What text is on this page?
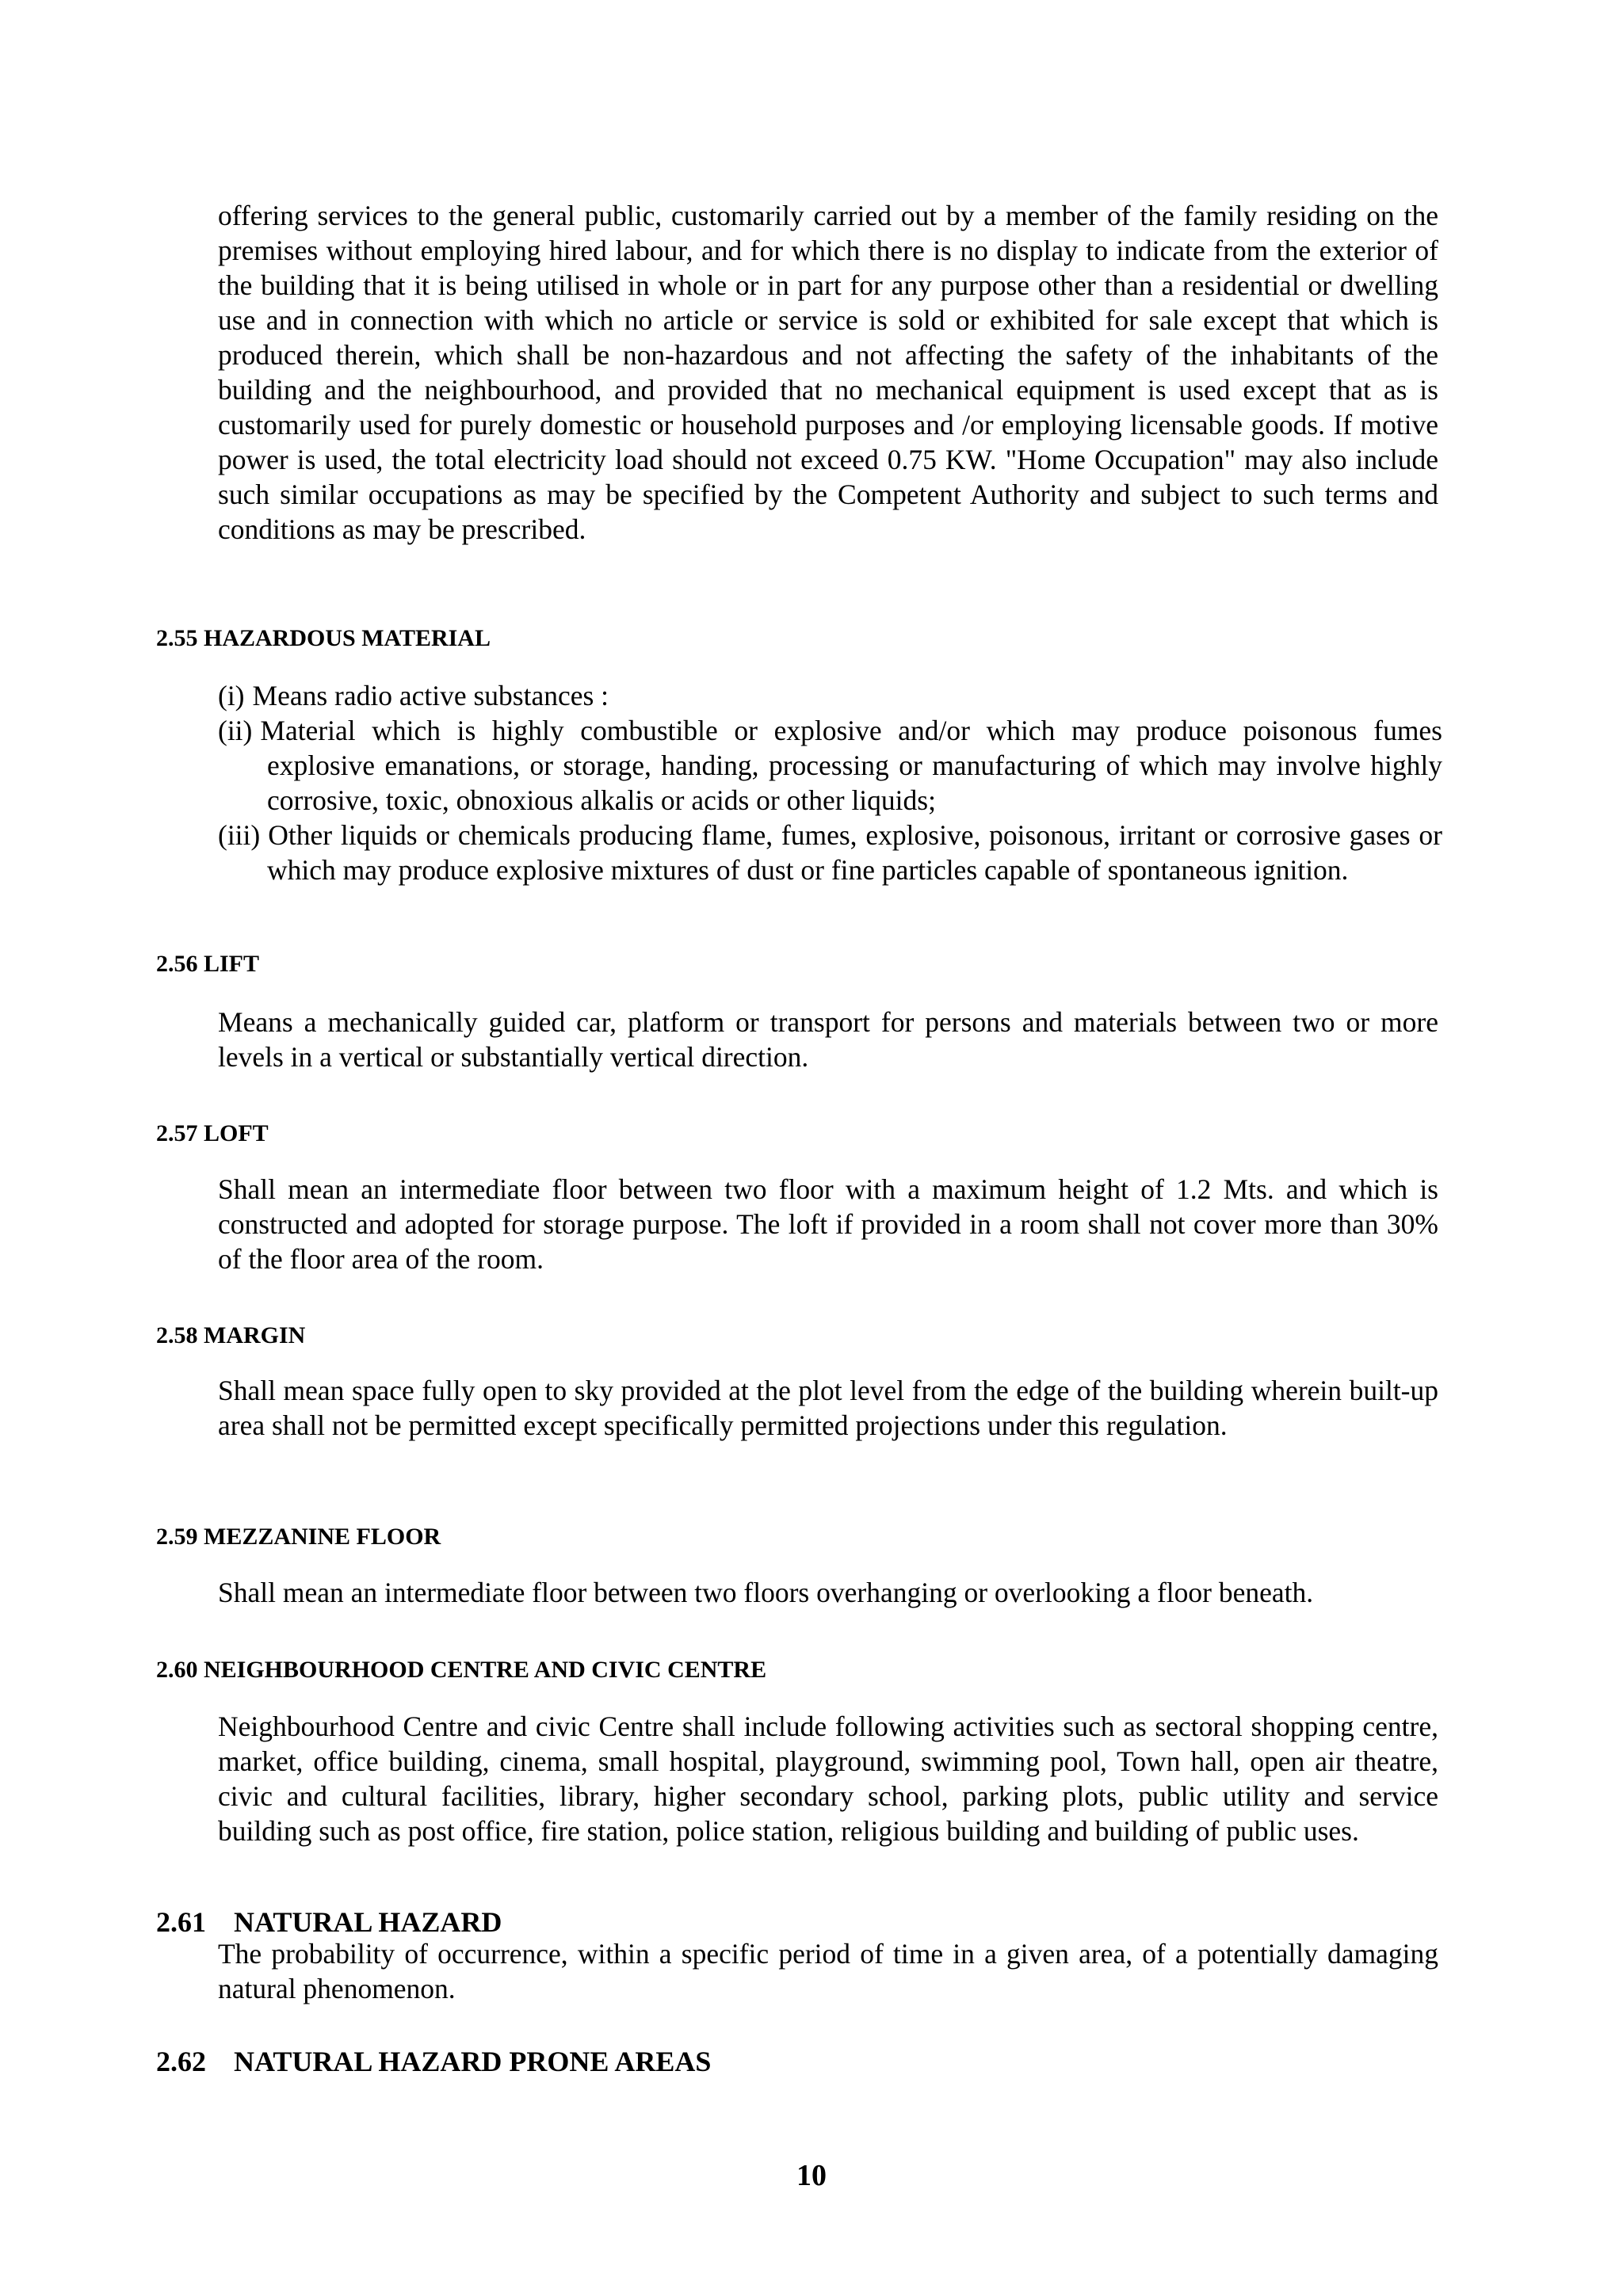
offering services to the general public, customarily carried out by a member of the family residing on the premises without employing hired labour, and for which there is no display to indicate from the exterior of the building that it is being utilised in whole or in part for any purpose other than a residential or dwelling use and in connection with which no article or service is sold or exhibited for sale except that which is produced therein, which shall be non-hazardous and not affecting the safety of the inhabitants of the building and the neighbourhood, and provided that no mechanical equipment is used except that as is customarily used for purely domestic or household purposes and /or employing licensable goods. If motive power is used, the total electricity load should not exceed 0.75 KW. "Home Occupation" may also include such similar occupations as may be specified by the Competent Authority and subject to such terms and conditions as may be prescribed.

2.55 HAZARDOUS MATERIAL

(i) Means radio active substances :
(ii) Material which is highly combustible or explosive and/or which may produce poisonous fumes explosive emanations, or storage, handing, processing or manufacturing of which may involve highly corrosive, toxic, obnoxious alkalis or acids or other liquids;
(iii) Other liquids or chemicals producing flame, fumes, explosive, poisonous, irritant or corrosive gases or which may produce explosive mixtures of dust or fine particles capable of spontaneous ignition.

2.56 LIFT

Means a mechanically guided car, platform or transport for persons and materials between two or more levels in a vertical or substantially vertical direction.

2.57 LOFT

Shall mean an intermediate floor between two floor with a maximum height of 1.2 Mts. and which is constructed and adopted for storage purpose. The loft if provided in a room shall not cover more than 30% of the floor area of the room.

2.58 MARGIN

Shall mean space fully open to sky provided at the plot level from the edge of the building wherein built-up area shall not be permitted except specifically permitted projections under this regulation.

2.59 MEZZANINE FLOOR

Shall mean an intermediate floor between two floors overhanging or overlooking a floor beneath.

2.60 NEIGHBOURHOOD CENTRE AND CIVIC CENTRE

Neighbourhood Centre and civic Centre shall include following activities such as sectoral shopping centre, market, office building, cinema, small hospital, playground, swimming pool, Town hall, open air theatre, civic and cultural facilities, library, higher secondary school, parking plots, public utility and service building such as post office, fire station, police station, religious building and building of public uses.

2.61 NATURAL HAZARD

The probability of occurrence, within a specific period of time in a given area, of a potentially damaging natural phenomenon.

2.62 NATURAL HAZARD PRONE AREAS

10
